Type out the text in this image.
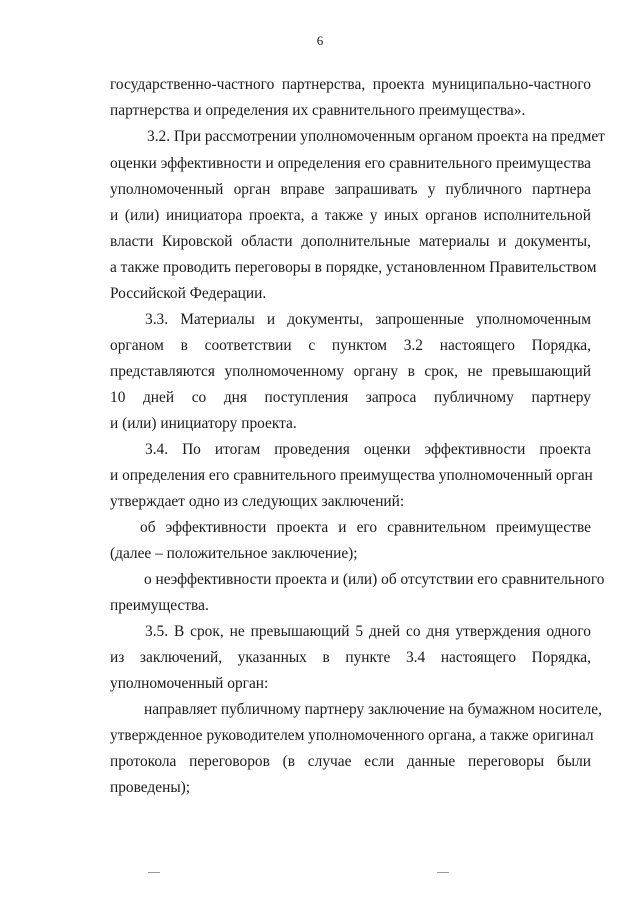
6
государственно-частного партнерства, проекта муниципально-частного
партнерства и определения их сравнительного преимущества».
3.2. При рассмотрении уполномоченным органом проекта на предмет
оценки эффективности и определения его сравнительного преимущества
уполномоченный орган вправе запрашивать у публичного партнера
и (или) инициатора проекта, а также у иных органов исполнительной
власти Кировской области дополнительные материалы и документы,
а также проводить переговоры в порядке, установленном Правительством
Российской Федерации.
3.3. Материалы и документы, запрошенные уполномоченным
органом в соответствии с пунктом 3.2 настоящего Порядка,
представляются уполномоченному органу в срок, не превышающий
10 дней со дня поступления запроса публичному партнеру
и (или) инициатору проекта.
3.4. По итогам проведения оценки эффективности проекта
и определения его сравнительного преимущества уполномоченный орган
утверждает одно из следующих заключений:
об эффективности проекта и его сравнительном преимуществе
(далее – положительное заключение);
о неэффективности проекта и (или) об отсутствии его сравнительного
преимущества.
3.5. В срок, не превышающий 5 дней со дня утверждения одного
из заключений, указанных в пункте 3.4 настоящего Порядка,
уполномоченный орган:
направляет публичному партнеру заключение на бумажном носителе,
утвержденное руководителем уполномоченного органа, а также оригинал
протокола переговоров (в случае если данные переговоры были
проведены);
